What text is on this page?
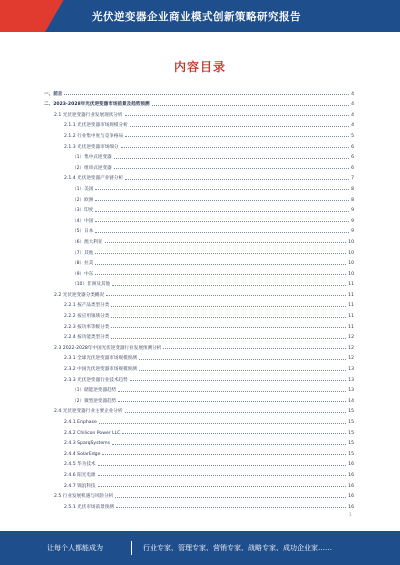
光伏逆变器企业商业模式创新策略研究报告
内容目录
一、前言	4
二、2023-2028年光伏逆变器市场前景及趋势预测	4
2.1 光伏逆变器行业发展现状分析	4
2.1.1 光伏逆变器市场规模分析	4
2.1.2 行业集中度与竞争格局	5
2.1.3 光伏逆变器市场细分	6
（1）集中式逆变器	6
（2）组串式逆变器	6
2.1.4 光伏逆变器产业链分析	7
（1）美国	8
（2）欧洲	8
（3）印度	9
（4）中国	9
（5）日本	9
（6）澳大利亚	10
（7）其他	10
（8）拉美	10
（9）中东	10
（10）非洲及其他	11
2.2 光伏逆变器分类概况	11
2.2.1 按产品类型分类	11
2.2.2 按应用领域分类	11
2.2.3 按功率等级分类	11
2.2.4 按功能类型分类	12
2.3 2022-2028年中国光伏逆变器行业发展预测分析	12
2.3.1 全球光伏逆变器市场规模预测	12
2.3.2 中国光伏逆变器市场规模预测	13
2.3.3 光伏逆变器行业技术趋势	13
（1）储能逆变器趋势	13
（2）微型逆变器趋势	14
2.4 光伏逆变器行业主要企业分析	15
2.4.1 Enphase	15
2.4.2 Chilicon Power LLC	15
2.4.3 SparqSystems	15
2.4.4 SolarEdge	15
2.4.5 华为技术	16
2.4.6 阳光电源	16
2.4.7 锦浪科技	16
2.5 行业发展机遇与风险分析	16
2.5.1 光伏市场前景预测	16
1
让每个人都能成为	行业专家、管理专家、营销专家、战略专家、成功企业家……
